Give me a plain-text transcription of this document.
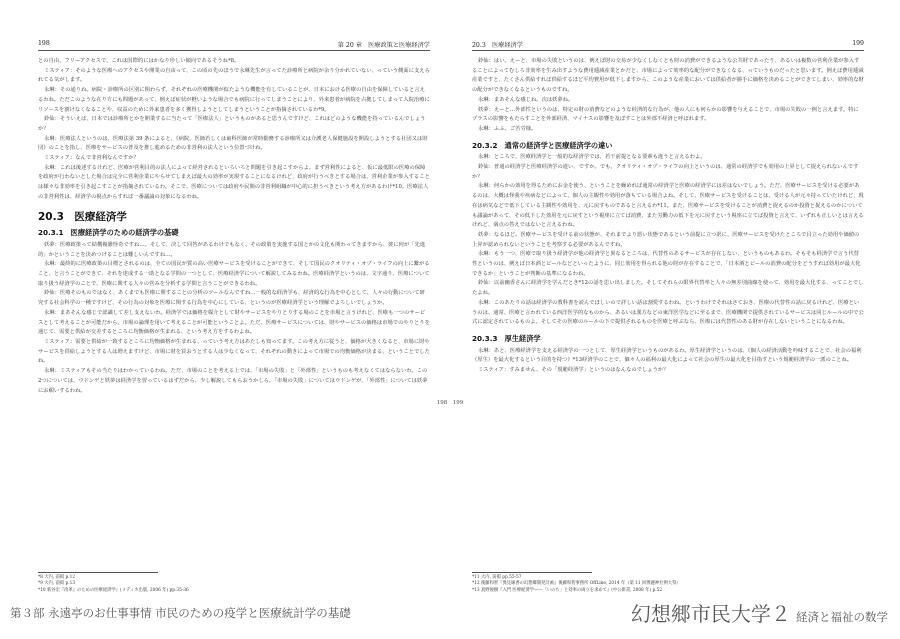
198	第 20 章　医療政策と医療経済学

との自由、フリーアクセスで、これは国際的にはかなり珍しい傾向であるそうね*8。

ミスティア：そのような医療へのアクセスや開業の自由って、この頃の先のほうで永琳先生が言ってた診療所と病院が余り分かれていない、っていう側面に支えられてる気がします。

永琳：その通りね。病院・診療所の区別に関わらず、それぞれの医療機関が似たような機能を有していることが、日本における医療の自由を保障していると言えるわね。ただこのような在り方にも問題があって、例えば症状が軽いような場合でも病院に行ってしまうことにより、外来患者が病院を占拠してしまって入院治療にリソースを割けなくなることや、収益のために外来患者を多く獲得しようとしてしまうということが指摘されているわ*9。

鈴仙：そういえば、日本では診療所とかを開業するに当たって「医療法人」というものがあると思うんですけど、これはどのような機能を持っているんでしょうか？

永琳：医療法人というのは、医療法第 39 条によると、《病院、医師若しくは歯科医師が常時勤務する診療所又は介護老人保健施設を開設しようとする社団又は財団》のことを指し、医療をサービスの普及を推し進めるための非営利の法人という位置づけね。

ミスティア：なんで非営利なんですか？

永琳：これは後述するけれど、医療が営利目的の法人によって経営されるといろいろと問題を引き起こすからよ。まず営利性によると、仮に最低限の医療の保障を政府が行わないとした場合は完全に営利企業にやらせてしまえば最大の効率が実現することになるけれど、政府が行うべきとする場合は、営利企業が参入することは様々な非効率を引き起こすことが指摘されているわ。そこで、医療については政府や民間の非営利組織が中心的に担うべきという考え方があるわけ*10。医療法人の非営利性は、経済学の視点からすれば一番議論の対象になるわね。

20.3　医療経済学
20.3.1　医療経済学のための経済学の基礎

妖夢：医療政策って結構複雑怪奇ですね…。そして、決して回答があるわけでもなく、その政策を実施する国とかの文化も関わってきますから、彼に何が「先進的」かということを決めつけることは難しいんですね…。

永琳：最終的に医療政策の目標とされるのは、全ての国民が質の高い医療サービスを受けることができて、そして国民のクオリティ・オブ・ライフの向上に繋がること、と言うことができて、それを達成する一助となる学問の一つとして、医療経済学について解説してみるわね。医療経済学というのは、文字通り、医療について取り扱う経済学のことで、医療に関する人々の営みを分析する学問と言うことができるわね。

鈴仙：医療そのものではなく、あくまでも医療に関することの分析のツールなんですね…一般的な経済学も、経済的な行為を中心として、人々の行動について研究する社会科学の一種ですけど、その行為の対象を医療に関する行為を中心にしている、というのが医療経済学という理解でよろしいでしょうか。

永琳：まあそんな感じで認識して差し支えないわ。経済学では価格を媒介として財やサービスをやりとりする場のことを市場と言うけれど、医療も一つのサービスとして考えることが可能だから、市場の論理を用いて考えることが可能ということよ。ただ、医療サービスについては、財やサービスの価格は市場でのやりとりを通じて、需要と供給が交差するところに均衡価格が生まれる、という考え方をするわよね。

ミスティア：需要と供給が一致するところに均衡価格が生まれる、っていう考え方はあたしも知ってます。この考え方に従うと、価格が大きくなると、市場に財やサービスを供給しようとする人は増えますけど、市場に財を買おうとする人は少なくなって、それぞれの動きによって市場での均衡価格が決まる、ということでしたね。

永琳：ミスティアもその当たりはわかっているわね。ただ、市場のことを考える上では、「市場の失敗」と「外部性」というものも考えなくてはならないわ。この2つについては、ウドンゲと妖夢は経済学を習っているはずだから、少し解説してもらおうかしら。「市場の失敗」についてはウドンゲが、「外部性」については妖夢にお願いするわね。

*8 大内, 前掲 p.12

*9 大内, 前掲 p.13

*10 新谷宏『改革』のための医療経済学』(メディカ出版, 2006 年) pp.35-36

20.3　医療経済学	199

鈴仙：はい。えーと、市場の失敗というのは、例えば財の交易が少なくしなくとも財の消費ができるような公共財であったり、あるいは複数の営利企業が参入することによってむしろ非効率を生み出すような費用逓減産業とかだと、市場によって効率的な配分ができなくなる、っていうものだったと思います。例えば費用逓減産業ですと、たくさん供給すれば供給するほど平均費用が低下しますから、このような産業においては供給者が勝手に価格を決めることができてしまい、効率的な財の配分ができなくなるというものですね。

永琳：まあそんな感じね。次は妖夢ね。

妖夢：えーと…外部性というのは、特定の財の消費などのような経済的な行為が、他の人にも何らかの影響を与えることで、市場の失敗の一例と言えます。特にプラスの影響をもたらすことを外部経済、マイナスの影響を及ぼすことは外部不経済と呼ばれます。

永琳：ふふ、ご苦労様。

20.3.2　通常の経済学と医療経済学の違い

永琳：ところで、医療経済学と一般的な経済学では、若干前提となる要素も違うと言えるわよ。

鈴仙：普通の経済学と医療経済学の違い、ですか。でも、クオリティ・オブ・ライフの向上というのは、通常の経済学でも効用の上昇として捉えられないんですか？

永琳：何らかの効用を得るためにお金を使う、ということを繰めれば通常の経済学と医療の経済学には差はないでしょう。ただ、医療サービスを受ける必要があるのは、大概は怪我や疾病などによって、個人の主観性や効用が落ちている場合よね。そして、医療サービスを受けることは、受ける人が元々持っていたけれど、現在は病気などで低下している主観性や効用を、元に戻すものであると言えるわ*11。また、医療サービスを受けることが消費と捉えるのか投資と捉えるのかについても議論があって、その低下した効用を元に戻すという視座に立てば消費、また労働力の低下を元に戻すという視座に立てば投資と言えて、いずれも正しいとは言えるけれど、満点の答えではないと言えるわね。

妖夢：なるほど。医療サービスを受ける前の状態が、それまでより悪い状態であるという前提に立つ訳に、医療サービスを受けたところで目立った効用や価値の上昇が認められないということを考察する必要があるんですね。

永琳：もう一つ、医療で取り扱う経済学が他の経済学と異なるところは、代替性のあるサービスが存在しない、というものもあるわ。そもそも経済学で言う代替性というのは、例えば日本酒とビールなどといったように、同じ効用を得られる他の財が存在することで、「日本酒とビールの消費の配分をどうすれば効用が最大化できるか」ということが判断の基準になるわね。

鈴仙：以前幽香さんに経済学を学んだとき*12の話を思い出しました。そしてそれらの限界代替率と人々の無差別曲線を使って、効用を最大化する、ってことでしたよね。

永琳：このあたりの話は経済学の教科書を読んでほしいので詳しい話は割愛するわね。というわけでそれはさておき、医療の代替性の話に戻るけれど、医療というのは、通常、医療と言われている西洋医学的なものから、あるいは漢方などの東洋医学などに至るまで、医療機関で提供されているサービスは同じルールの中で公式に認定されているものよ。そしてその医療のルールの下で提供されるものを医療と呼ぶなら、医療には代替性のある財が存在しないということになるわね。

20.3.3　厚生経済学

永琳：あと、医療経済学を支える経済学の一つとして、厚生経済学というものがあるわ。厚生経済学というのは、《個人の経済活動を吟味することで、社会の福利（厚生）を最大化するという目的を持つ》*13経済学のことで、個々人の福利の最大化によって社会の厚生の最大化を目指すという規範経済学の一派のことね。

ミスティア：すみません、その「規範経済学」というのはなんなのでしょうか？

*11 大内, 前掲 pp.55-57

*12 後藤和智『異見線香の幻想郷開発計画』後藤和智事務所 OffLine, 2014 年（第 11 回博麗神社例大祭）

*13 真野俊樹『入門 医療経済学——「いのち」と効率の両立を求めて』(中公新書, 2008 年) p.52

198　199
第３部 永遠亭のお仕事事情 市民のための疫学と医療統計学の基礎	幻想郷市民大学２ 経済と福祉の数学
